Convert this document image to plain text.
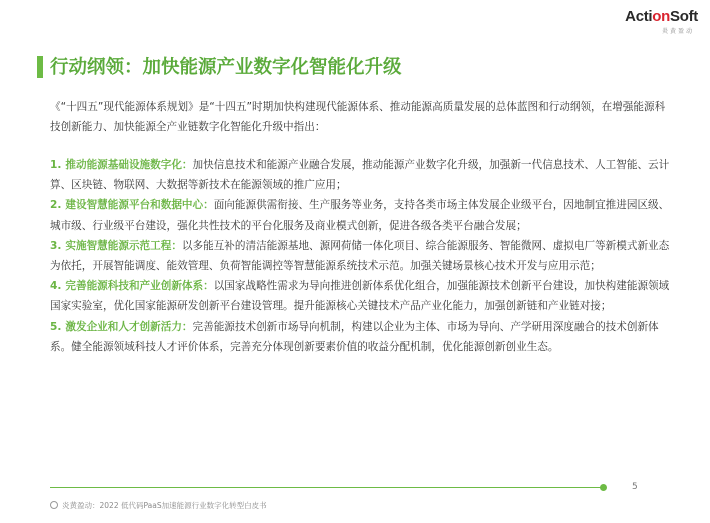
ActionSoft
炎黄盈动
行动纲领：加快能源产业数字化智能化升级

《“十四五”现代能源体系规划》是“十四五”时期加快构建现代能源体系、推动能源高质量发展的总体蓝图和行动纲领，在增强能源科技创新能力、加快能源全产业链数字化智能化升级中指出：

1. 推动能源基础设施数字化：加快信息技术和能源产业融合发展，推动能源产业数字化升级，加强新一代信息技术、人工智能、云计算、区块链、物联网、大数据等新技术在能源领域的推广应用；
2. 建设智慧能源平台和数据中心：面向能源供需衔接、生产服务等业务，支持各类市场主体发展企业级平台，因地制宜推进园区级、城市级、行业级平台建设，强化共性技术的平台化服务及商业模式创新，促进各级各类平台融合发展；
3. 实施智慧能源示范工程：以多能互补的清洁能源基地、源网荷储一体化项目、综合能源服务、智能微网、虚拟电厂等新模式新业态为依托，开展智能调度、能效管理、负荷智能调控等智慧能源系统技术示范。加强关键场景核心技术开发与应用示范；
4. 完善能源科技和产业创新体系：以国家战略性需求为导向推进创新体系优化组合，加强能源技术创新平台建设，加快构建能源领域国家实验室，优化国家能源研发创新平台建设管理。提升能源核心关键技术产品产业化能力，加强创新链和产业链对接；
5. 激发企业和人才创新活力：完善能源技术创新市场导向机制，构建以企业为主体、市场为导向、产学研用深度融合的技术创新体系。健全能源领域科技人才评价体系，完善充分体现创新要素价值的收益分配机制，优化能源创新创业生态。
5
炎黄盈动：2022 低代码PaaS加速能源行业数字化转型白皮书
